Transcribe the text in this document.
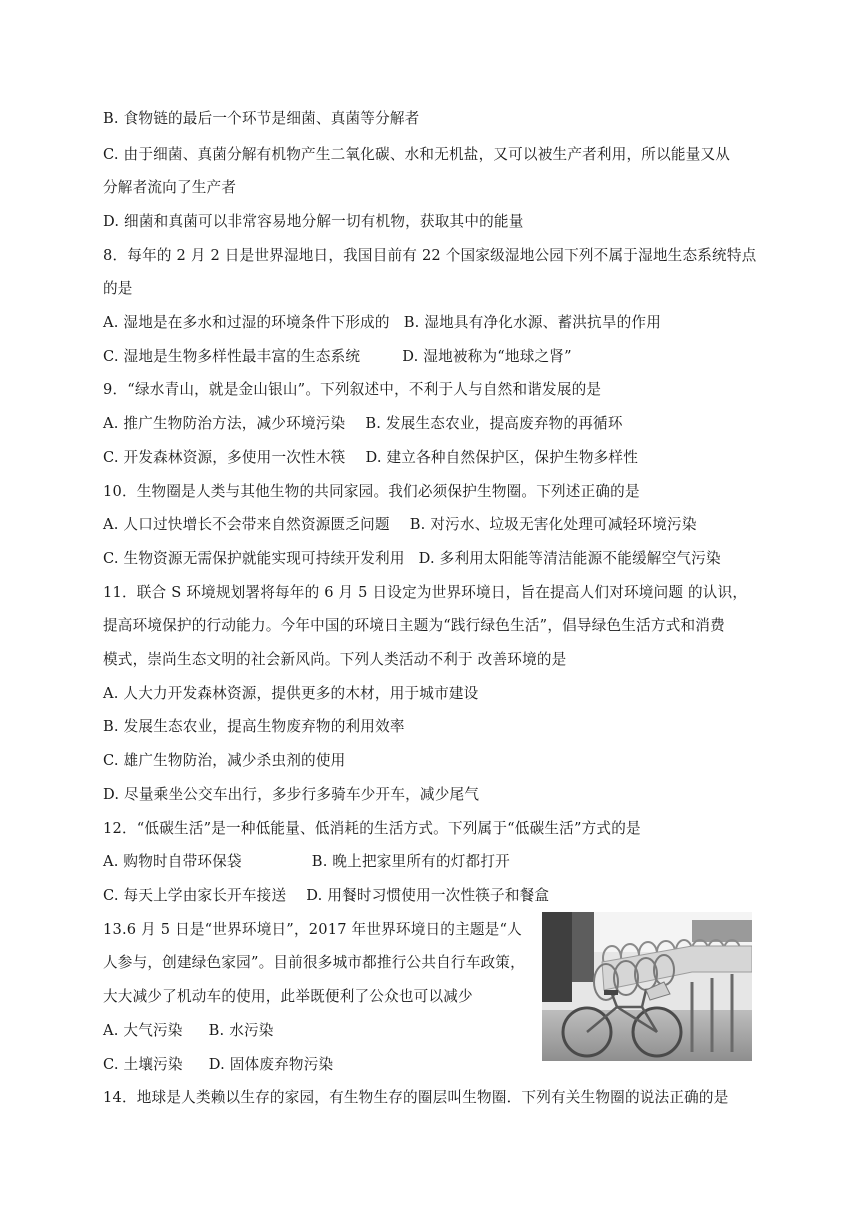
B. 食物链的最后一个环节是细菌、真菌等分解者
C. 由于细菌、真菌分解有机物产生二氧化碳、水和无机盐，又可以被生产者利用，所以能量又从
分解者流向了生产者
D. 细菌和真菌可以非常容易地分解一切有机物，获取其中的能量
8．每年的 2 月 2 日是世界湿地日，我国目前有 22 个国家级湿地公园下列不属于湿地生态系统特点
的是
A. 湿地是在多水和过湿的环境条件下形成的 B. 湿地具有净化水源、蓄洪抗旱的作用
C. 湿地是生物多样性最丰富的生态系统	D. 湿地被称为“地球之肾”
9．“绿水青山，就是金山银山”。下列叙述中，不利于人与自然和谐发展的是
A. 推广生物防治方法，减少环境污染 B. 发展生态农业，提高废弃物的再循环
C. 开发森林资源，多使用一次性木筷 D. 建立各种自然保护区，保护生物多样性
10．生物圈是人类与其他生物的共同家园。我们必须保护生物圈。下列述正确的是
A. 人口过快增长不会带来自然资源匮乏问题 B. 对污水、垃圾无害化处理可减轻环境污染
C. 生物资源无需保护就能实现可持续开发利用 D. 多利用太阳能等清洁能源不能缓解空气污染
11．联合 S 环境规划署将每年的 6 月 5 日设定为世界环境日，旨在提高人们对环境问题 的认识，
提高环境保护的行动能力。今年中国的环境日主题为“践行绿色生活”，倡导绿色生活方式和消费
模式，崇尚生态文明的社会新风尚。下列人类活动不利于 改善环境的是
A. 人大力开发森林资源，提供更多的木材，用于城市建设
B. 发展生态农业，提高生物废弃物的利用效率
C. 雄广生物防治，减少杀虫剂的使用
D. 尽量乘坐公交车出行，多步行多骑车少开车，减少尾气
12．“低碳生活”是一种低能量、低消耗的生活方式。下列属于“低碳生活”方式的是
A. 购物时自带环保袋	B. 晚上把家里所有的灯都打开
C. 每天上学由家长开车接送 D. 用餐时习惯使用一次性筷子和餐盒
13.6 月 5 日是“世界环境日”，2017 年世界环境日的主题是“人
人参与，创建绿色家园”。目前很多城市都推行公共自行车政策，
大大减少了机动车的使用，此举既便利了公众也可以减少
A. 大气污染 B. 水污染
C. 土壤污染 D. 固体废弃物污染
14．地球是人类赖以生存的家园，有生物生存的圈层叫生物圈．下列有关生物圈的说法正确的是
